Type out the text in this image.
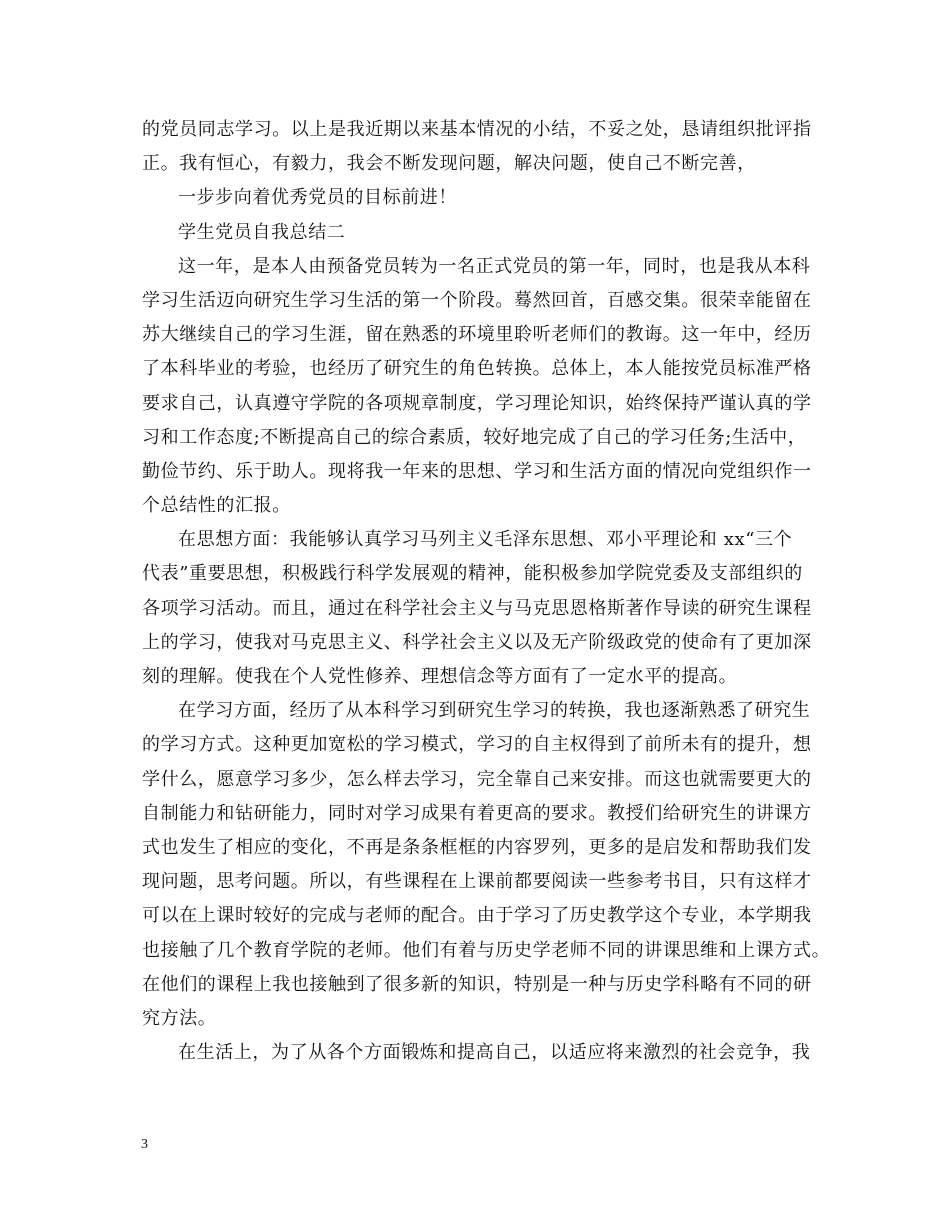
的党员同志学习。以上是我近期以来基本情况的小结，不妥之处，恳请组织批评指
正。我有恒心，有毅力，我会不断发现问题，解决问题，使自己不断完善，
一步步向着优秀党员的目标前进！
学生党员自我总结二
这一年，是本人由预备党员转为一名正式党员的第一年，同时，也是我从本科
学习生活迈向研究生学习生活的第一个阶段。蓦然回首，百感交集。很荣幸能留在
苏大继续自己的学习生涯，留在熟悉的环境里聆听老师们的教诲。这一年中，经历
了本科毕业的考验，也经历了研究生的角色转换。总体上，本人能按党员标准严格
要求自己，认真遵守学院的各项规章制度，学习理论知识，始终保持严谨认真的学
习和工作态度;不断提高自己的综合素质，较好地完成了自己的学习任务;生活中，
勤俭节约、乐于助人。现将我一年来的思想、学习和生活方面的情况向党组织作一
个总结性的汇报。
在思想方面：我能够认真学习马列主义毛泽东思想、邓小平理论和 xx“三个
代表”重要思想，积极践行科学发展观的精神，能积极参加学院党委及支部组织的
各项学习活动。而且，通过在科学社会主义与马克思恩格斯著作导读的研究生课程
上的学习，使我对马克思主义、科学社会主义以及无产阶级政党的使命有了更加深
刻的理解。使我在个人党性修养、理想信念等方面有了一定水平的提高。
在学习方面，经历了从本科学习到研究生学习的转换，我也逐渐熟悉了研究生
的学习方式。这种更加宽松的学习模式，学习的自主权得到了前所未有的提升，想
学什么，愿意学习多少，怎么样去学习，完全靠自己来安排。而这也就需要更大的
自制能力和钻研能力，同时对学习成果有着更高的要求。教授们给研究生的讲课方
式也发生了相应的变化，不再是条条框框的内容罗列，更多的是启发和帮助我们发
现问题，思考问题。所以，有些课程在上课前都要阅读一些参考书目，只有这样才
可以在上课时较好的完成与老师的配合。由于学习了历史教学这个专业，本学期我
也接触了几个教育学院的老师。他们有着与历史学老师不同的讲课思维和上课方式。
在他们的课程上我也接触到了很多新的知识，特别是一种与历史学科略有不同的研
究方法。
在生活上，为了从各个方面锻炼和提高自己，以适应将来激烈的社会竞争，我
3
